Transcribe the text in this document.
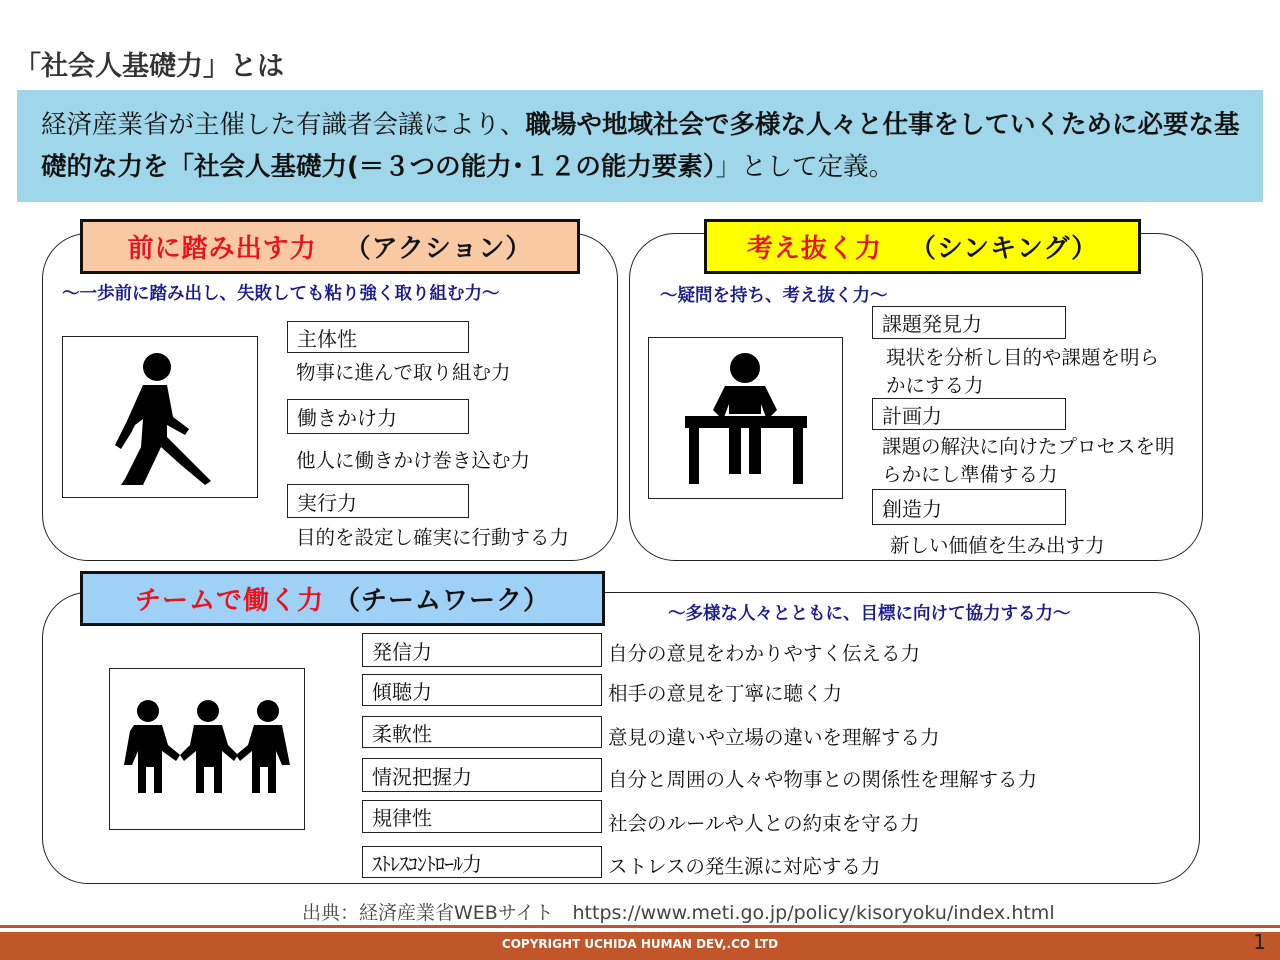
「社会人基礎力」とは
経済産業省が主催した有識者会議により、職場や地域社会で多様な人々と仕事をしていくために必要な基礎的な力を「社会人基礎力(＝３つの能力･１２の能力要素）」として定義。
前に踏み出す力 （アクション）
～一歩前に踏み出し、失敗しても粘り強く取り組む力～
主体性
物事に進んで取り組む力
働きかけ力
他人に働きかけ巻き込む力
実行力
目的を設定し確実に行動する力
考え抜く力 （シンキング）
～疑問を持ち、考え抜く力～
課題発見力
現状を分析し目的や課題を明ら
かにする力
計画力
課題の解決に向けたプロセスを明
らかにし準備する力
創造力
新しい価値を生み出す力
チームで働く力 （チームワーク）	～多様な人々とともに、目標に向けて協力する力～
発信力	自分の意見をわかりやすく伝える力
傾聴力	相手の意見を丁寧に聴く力
柔軟性	意見の違いや立場の違いを理解する力
情況把握力	自分と周囲の人々や物事との関係性を理解する力
規律性	社会のルールや人との約束を守る力
ｽﾄﾚｽｺﾝﾄﾛｰﾙ力	ストレスの発生源に対応する力
出典：経済産業省WEBサイト　https://www.meti.go.jp/policy/kisoryoku/index.html
COPYRIGHT UCHIDA HUMAN DEV,.CO LTD	1
